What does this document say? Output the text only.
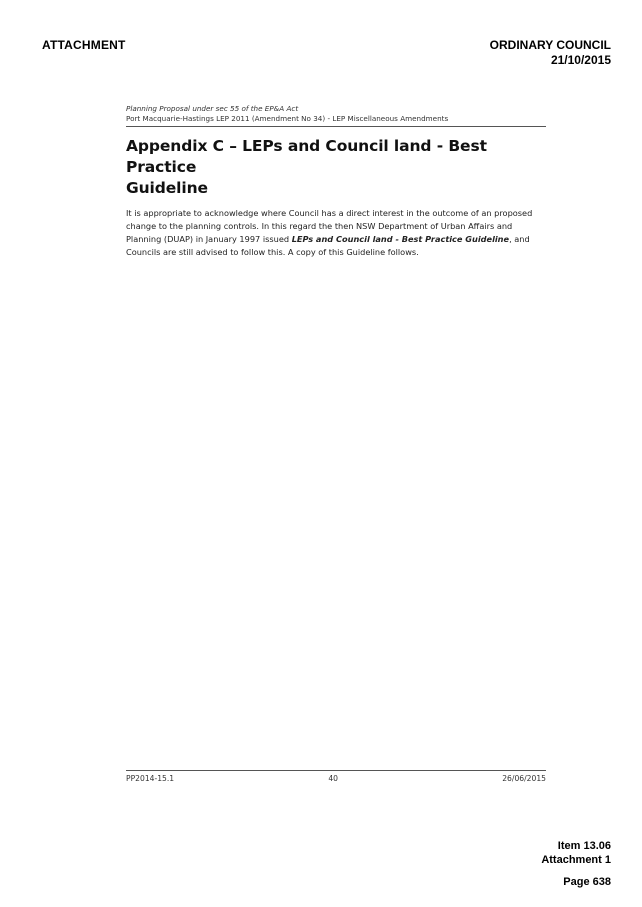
ATTACHMENT	ORDINARY COUNCIL
21/10/2015
Planning Proposal under sec 55 of the EP&A Act
Port Macquarie-Hastings LEP 2011 (Amendment No 34) - LEP Miscellaneous Amendments
Appendix C – LEPs and Council land - Best Practice
Guideline
It is appropriate to acknowledge where Council has a direct interest in the outcome of an proposed change to the planning controls. In this regard the then NSW Department of Urban Affairs and Planning (DUAP) in January 1997 issued LEPs and Council land - Best Practice Guideline, and Councils are still advised to follow this. A copy of this Guideline follows.
PP2014-15.1	40	26/06/2015
Item 13.06
Attachment 1
Page 638
